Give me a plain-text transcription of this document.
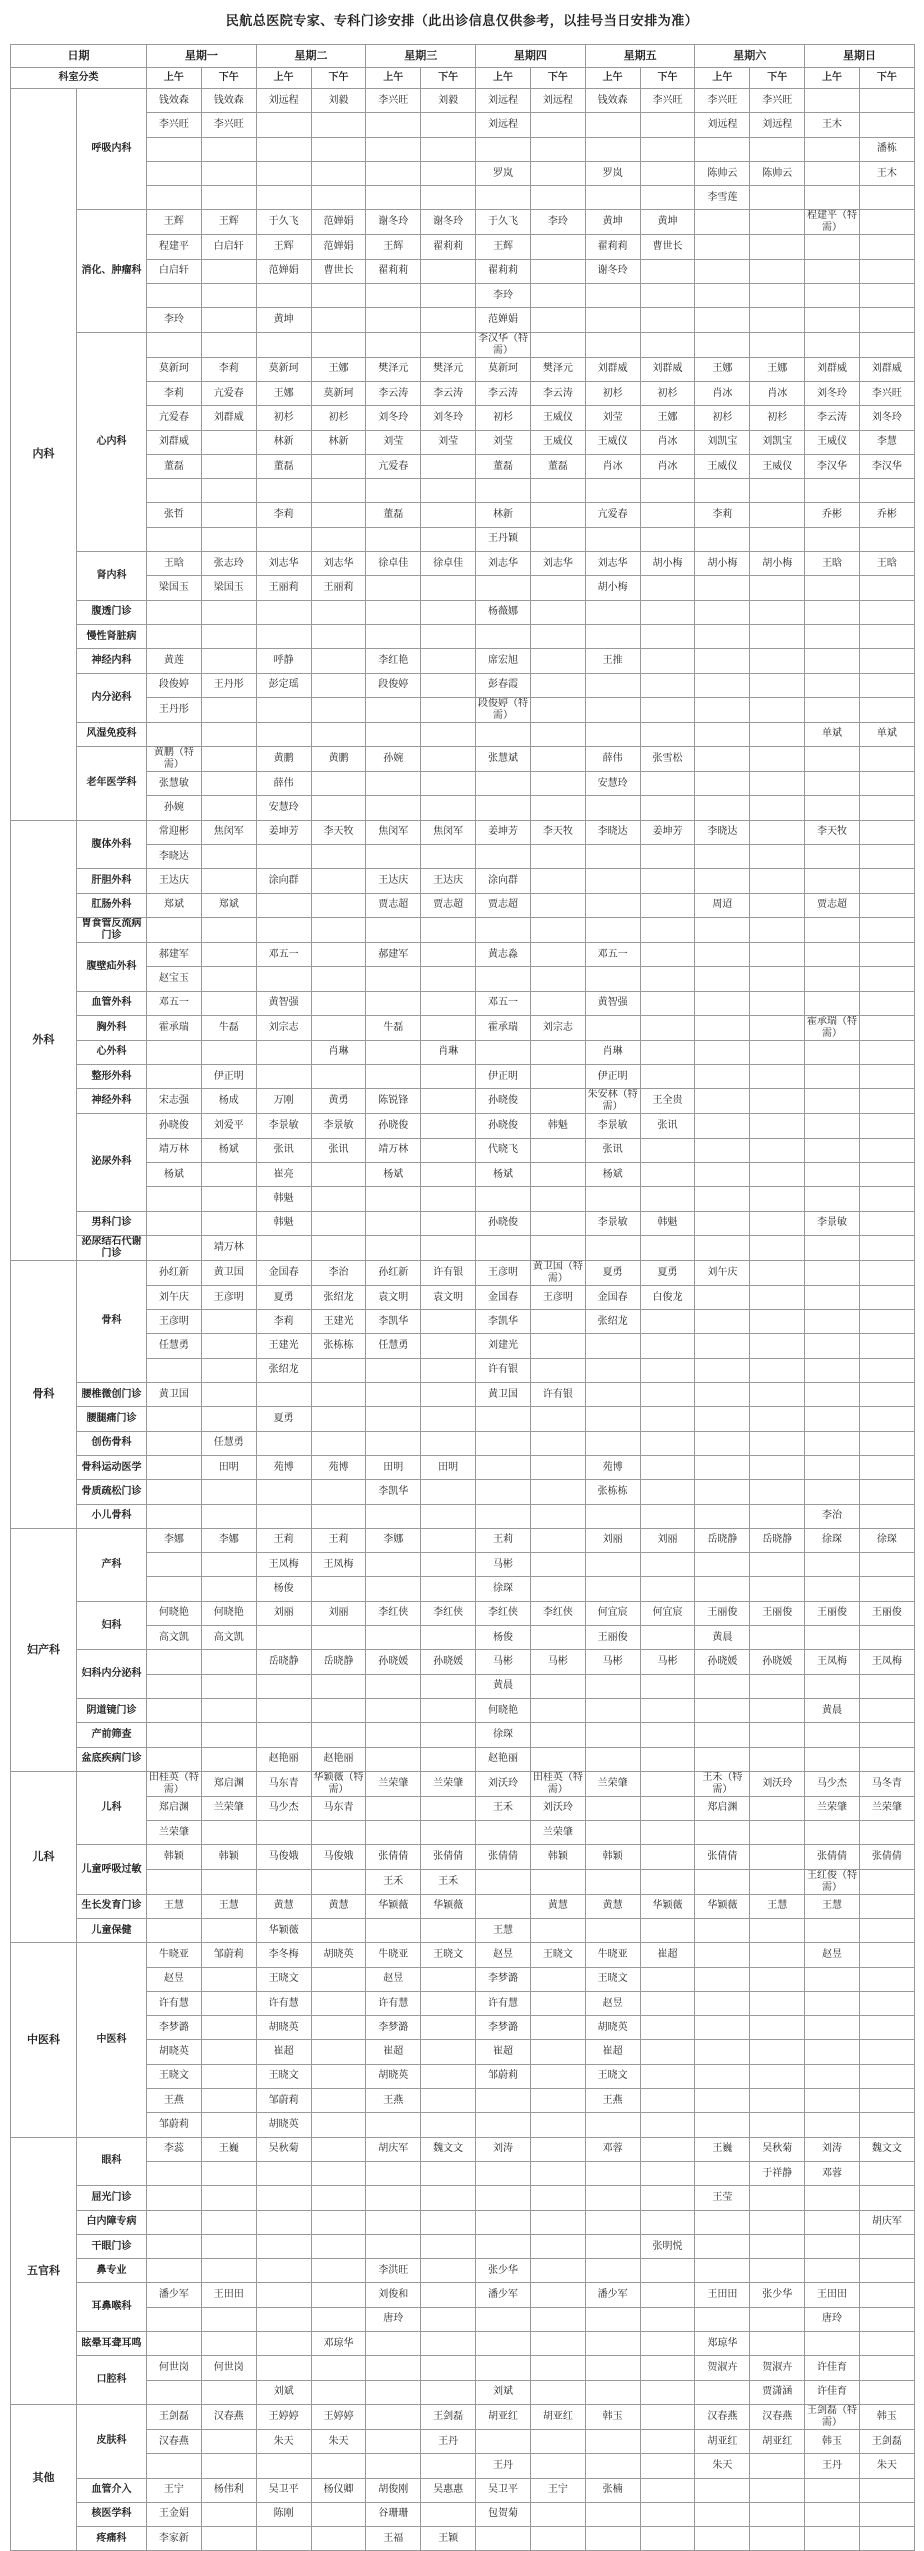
民航总医院专家、专科门诊安排（此出诊信息仅供参考，以挂号当日安排为准）
日期		星期一		星期二		星期三		星期四		星期五		星期六		星期日	
科室分类		上午	下午	上午	下午	上午	下午	上午	下午	上午	下午	上午	下午	上午	下午
内科	呼吸内科	钱效森	钱效森	刘远程	刘毅	李兴旺	刘毅	刘远程	刘远程	钱效森	李兴旺	李兴旺	李兴旺		
		李兴旺	李兴旺					刘远程				刘远程	刘远程	王木	
															潘栋
								罗岚		罗岚		陈帅云	陈帅云		王木
												李雪莲			
	消化、肿瘤科	王辉	王辉	于久飞	范婵娟	谢冬玲	谢冬玲	于久飞	李玲	黄坤	黄坤			程建平（特需）	
		程建平	白启轩	王辉	范婵娟	王辉	翟莉莉	王辉		翟莉莉	曹世长				
		白启轩		范婵娟	曹世长	翟莉莉		翟莉莉		谢冬玲					
								李玲							
		李玲		黄坤				范婵娟							
	心内科							李汉华（特需）							
		莫新珂	李莉	莫新珂	王娜	樊泽元	樊泽元	莫新珂	樊泽元	刘群威	刘群威	王娜	王娜	刘群威	刘群威
		李莉	亢爱春	王娜	莫新珂	李云涛	李云涛	李云涛	李云涛	初杉	初杉	肖冰	肖冰	刘冬玲	李兴旺
		亢爱春	刘群威	初杉	初杉	刘冬玲	刘冬玲	初杉	王威仪	刘莹	王娜	初杉	初杉	李云涛	刘冬玲
		刘群威		林新	林新	刘莹	刘莹	刘莹	王威仪	王威仪	肖冰	刘凯宝	刘凯宝	王威仪	李慧
		董磊		董磊		亢爱春		董磊	董磊	肖冰	肖冰	王威仪	王威仪	李汉华	李汉华

		张哲		李莉		董磊		林新		亢爱春		李莉		乔彬	乔彬
								王丹颖							
	肾内科	王晗	张志玲	刘志华	刘志华	徐卓佳	徐卓佳	刘志华	刘志华	刘志华	胡小梅	胡小梅	胡小梅	王晗	王晗
		梁国玉	梁国玉	王丽莉	王丽莉					胡小梅					
	腹透门诊							杨薇娜							
	慢性肾脏病														
	神经内科	黄莲		呼静		李红艳		席宏旭		王推					
	内分泌科	段俊婷	王丹彤	彭定瑶		段俊婷		彭春霞							
		王丹彤						段俊婷（特需）							
	风湿免疫科													单斌	单斌
	老年医学科	黄鹏（特需）		黄鹏	黄鹏	孙婉		张慧斌		薛伟	张雪松				
		张慧敏		薛伟						安慧玲					
		孙婉		安慧玲											
外科	腹体外科	常迎彬	焦闵军	姜坤芳	李天牧	焦闵军	焦闵军	姜坤芳	李天牧	李晓达	姜坤芳	李晓达		李天牧	
		李晓达													
	肝胆外科	王达庆		涂向群		王达庆	王达庆	涂向群							
	肛肠外科	郑斌	郑斌			贾志超	贾志超	贾志超				周迢		贾志超	
	胃食管反流病门诊														
	腹壁疝外科	郝建军		邓五一		郝建军		黄志淼		邓五一					
		赵宝玉													
	血管外科	邓五一		黄智强				邓五一		黄智强					
	胸外科	霍承瑞	牛磊	刘宗志		牛磊		霍承瑞	刘宗志					霍承瑞（特需）	
	心外科				肖琳		肖琳			肖琳					
	整形外科		伊正明					伊正明		伊正明					
	神经外科	宋志强	杨成	万刚	黄勇	陈锐锋		孙晓俊		朱安林（特需）	王全贵				
	泌尿外科	孙晓俊	刘爱平	李景敏	李景敏	孙晓俊		孙晓俊	韩魁	李景敏	张讯				
		靖万林	杨斌	张讯	张讯	靖万林		代晓飞		张讯					
		杨斌		崔亮		杨斌		杨斌		杨斌					
				韩魁											
	男科门诊			韩魁				孙晓俊		李景敏	韩魁			李景敏	
	泌尿结石代谢门诊		靖万林												
骨科	骨科	孙红新	黄卫国	金国春	李治	孙红新	许有银	王彦明	黄卫国（特需）	夏勇	夏勇	刘午庆			
		刘午庆	王彦明	夏勇	张绍龙	袁文明	袁文明	金国春	王彦明	金国春	白俊龙				
		王彦明		李莉	王建光	李凯华		李凯华		张绍龙					
		任慧勇		王建光	张栋栋	任慧勇		刘建光							
				张绍龙				许有银							
	腰椎微创门诊	黄卫国						黄卫国	许有银						
	腰腿痛门诊			夏勇											
	创伤骨科		任慧勇												
	骨科运动医学		田明	苑博	苑博	田明	田明			苑博					
	骨质疏松门诊					李凯华				张栋栋					
	小儿骨科													李治	
妇产科	产科	李娜	李娜	王莉	王莉	李娜		王莉		刘丽	刘丽	岳晓静	岳晓静	徐琛	徐琛
				王凤梅	王凤梅			马彬							
				杨俊				徐琛							
	妇科	何晓艳	何晓艳	刘丽	刘丽	李红侠	李红侠	李红侠	李红侠	何宜宸	何宜宸	王丽俊	王丽俊	王丽俊	王丽俊
		高文凯	高文凯					杨俊		王丽俊		黄晨			
	妇科内分泌科			岳晓静	岳晓静	孙晓媛	孙晓媛	马彬	马彬	马彬	马彬	孙晓媛	孙晓媛	王凤梅	王凤梅
								黄晨							
	阴道镜门诊							何晓艳						黄晨	
	产前筛查							徐琛							
	盆底疾病门诊			赵艳丽	赵艳丽			赵艳丽							
儿科	儿科	田桂英（特需）	郑启渊	马东青	华颖薇（特需）	兰荣肇	兰荣肇	刘沃玲	田桂英（特需）	兰荣肇		王禾（特需）	刘沃玲	马少杰	马冬青
		郑启渊	兰荣肇	马少杰	马东青			王禾	刘沃玲			郑启渊		兰荣肇	兰荣肇
		兰荣肇							兰荣肇						
	儿童呼吸过敏	韩颖	韩颖	马俊娥	马俊娥	张倩倩	张倩倩	张倩倩	韩颖	韩颖		张倩倩		张倩倩	张倩倩
						王禾	王禾							王红俊（特需）	
	生长发育门诊	王慧	王慧	黄慧	黄慧	华颖薇	华颖薇		黄慧	黄慧	华颖薇	华颖薇	王慧	王慧	
	儿童保健			华颖薇				王慧							
中医科	中医科	牛晓亚	邹蔚莉	李冬梅	胡晓英	牛晓亚	王晓文	赵昱	王晓文	牛晓亚	崔超			赵昱	
		赵昱		王晓文		赵昱		李梦潞		王晓文					
		许有慧		许有慧		许有慧		许有慧		赵昱					
		李梦潞		胡晓英		李梦潞		李梦潞		胡晓英					
		胡晓英		崔超		崔超		崔超		崔超					
		王晓文		王晓文		胡晓英		邹蔚莉		王晓文					
		王燕		邹蔚莉		王燕				王燕					
		邹蔚莉		胡晓英											
五官科	眼科	李蕊	王巍	吴秋菊		胡庆军	魏文文	刘涛		邓蓉		王巍	吴秋菊	刘涛	魏文文
													于祥静	邓蓉	
	屈光门诊											王莹			
	白内障专病														胡庆军
	干眼门诊										张明悦				
	鼻专业					李洪旺		张少华							
	耳鼻喉科	潘少军	王田田			刘俊和		潘少军		潘少军		王田田	张少华	王田田	
						唐玲								唐玲	
	眩晕耳聋耳鸣				邓琼华							郑琼华			
	口腔科	何世岗	何世岗									贺淑卉	贺淑卉	许佳育	
				刘斌				刘斌					贾潇涵	许佳育	
其他	皮肤科	王剑磊	汉春燕	王婷婷	王婷婷		王剑磊	胡亚红	胡亚红	韩玉		汉春燕	汉春燕	王剑磊（特需）	韩玉
		汉春燕		朱天	朱天		王丹					胡亚红	胡亚红	韩玉	王剑磊
								王丹				朱天		王丹	朱天
	血管介入	王宁	杨伟利	吴卫平	杨仪卿	胡俊刚	吴惠惠	吴卫平	王宁	张楠					
	核医学科	王金娟		陈刚		谷珊珊		包贺菊							
	疼痛科	李家新				王福	王颖								
